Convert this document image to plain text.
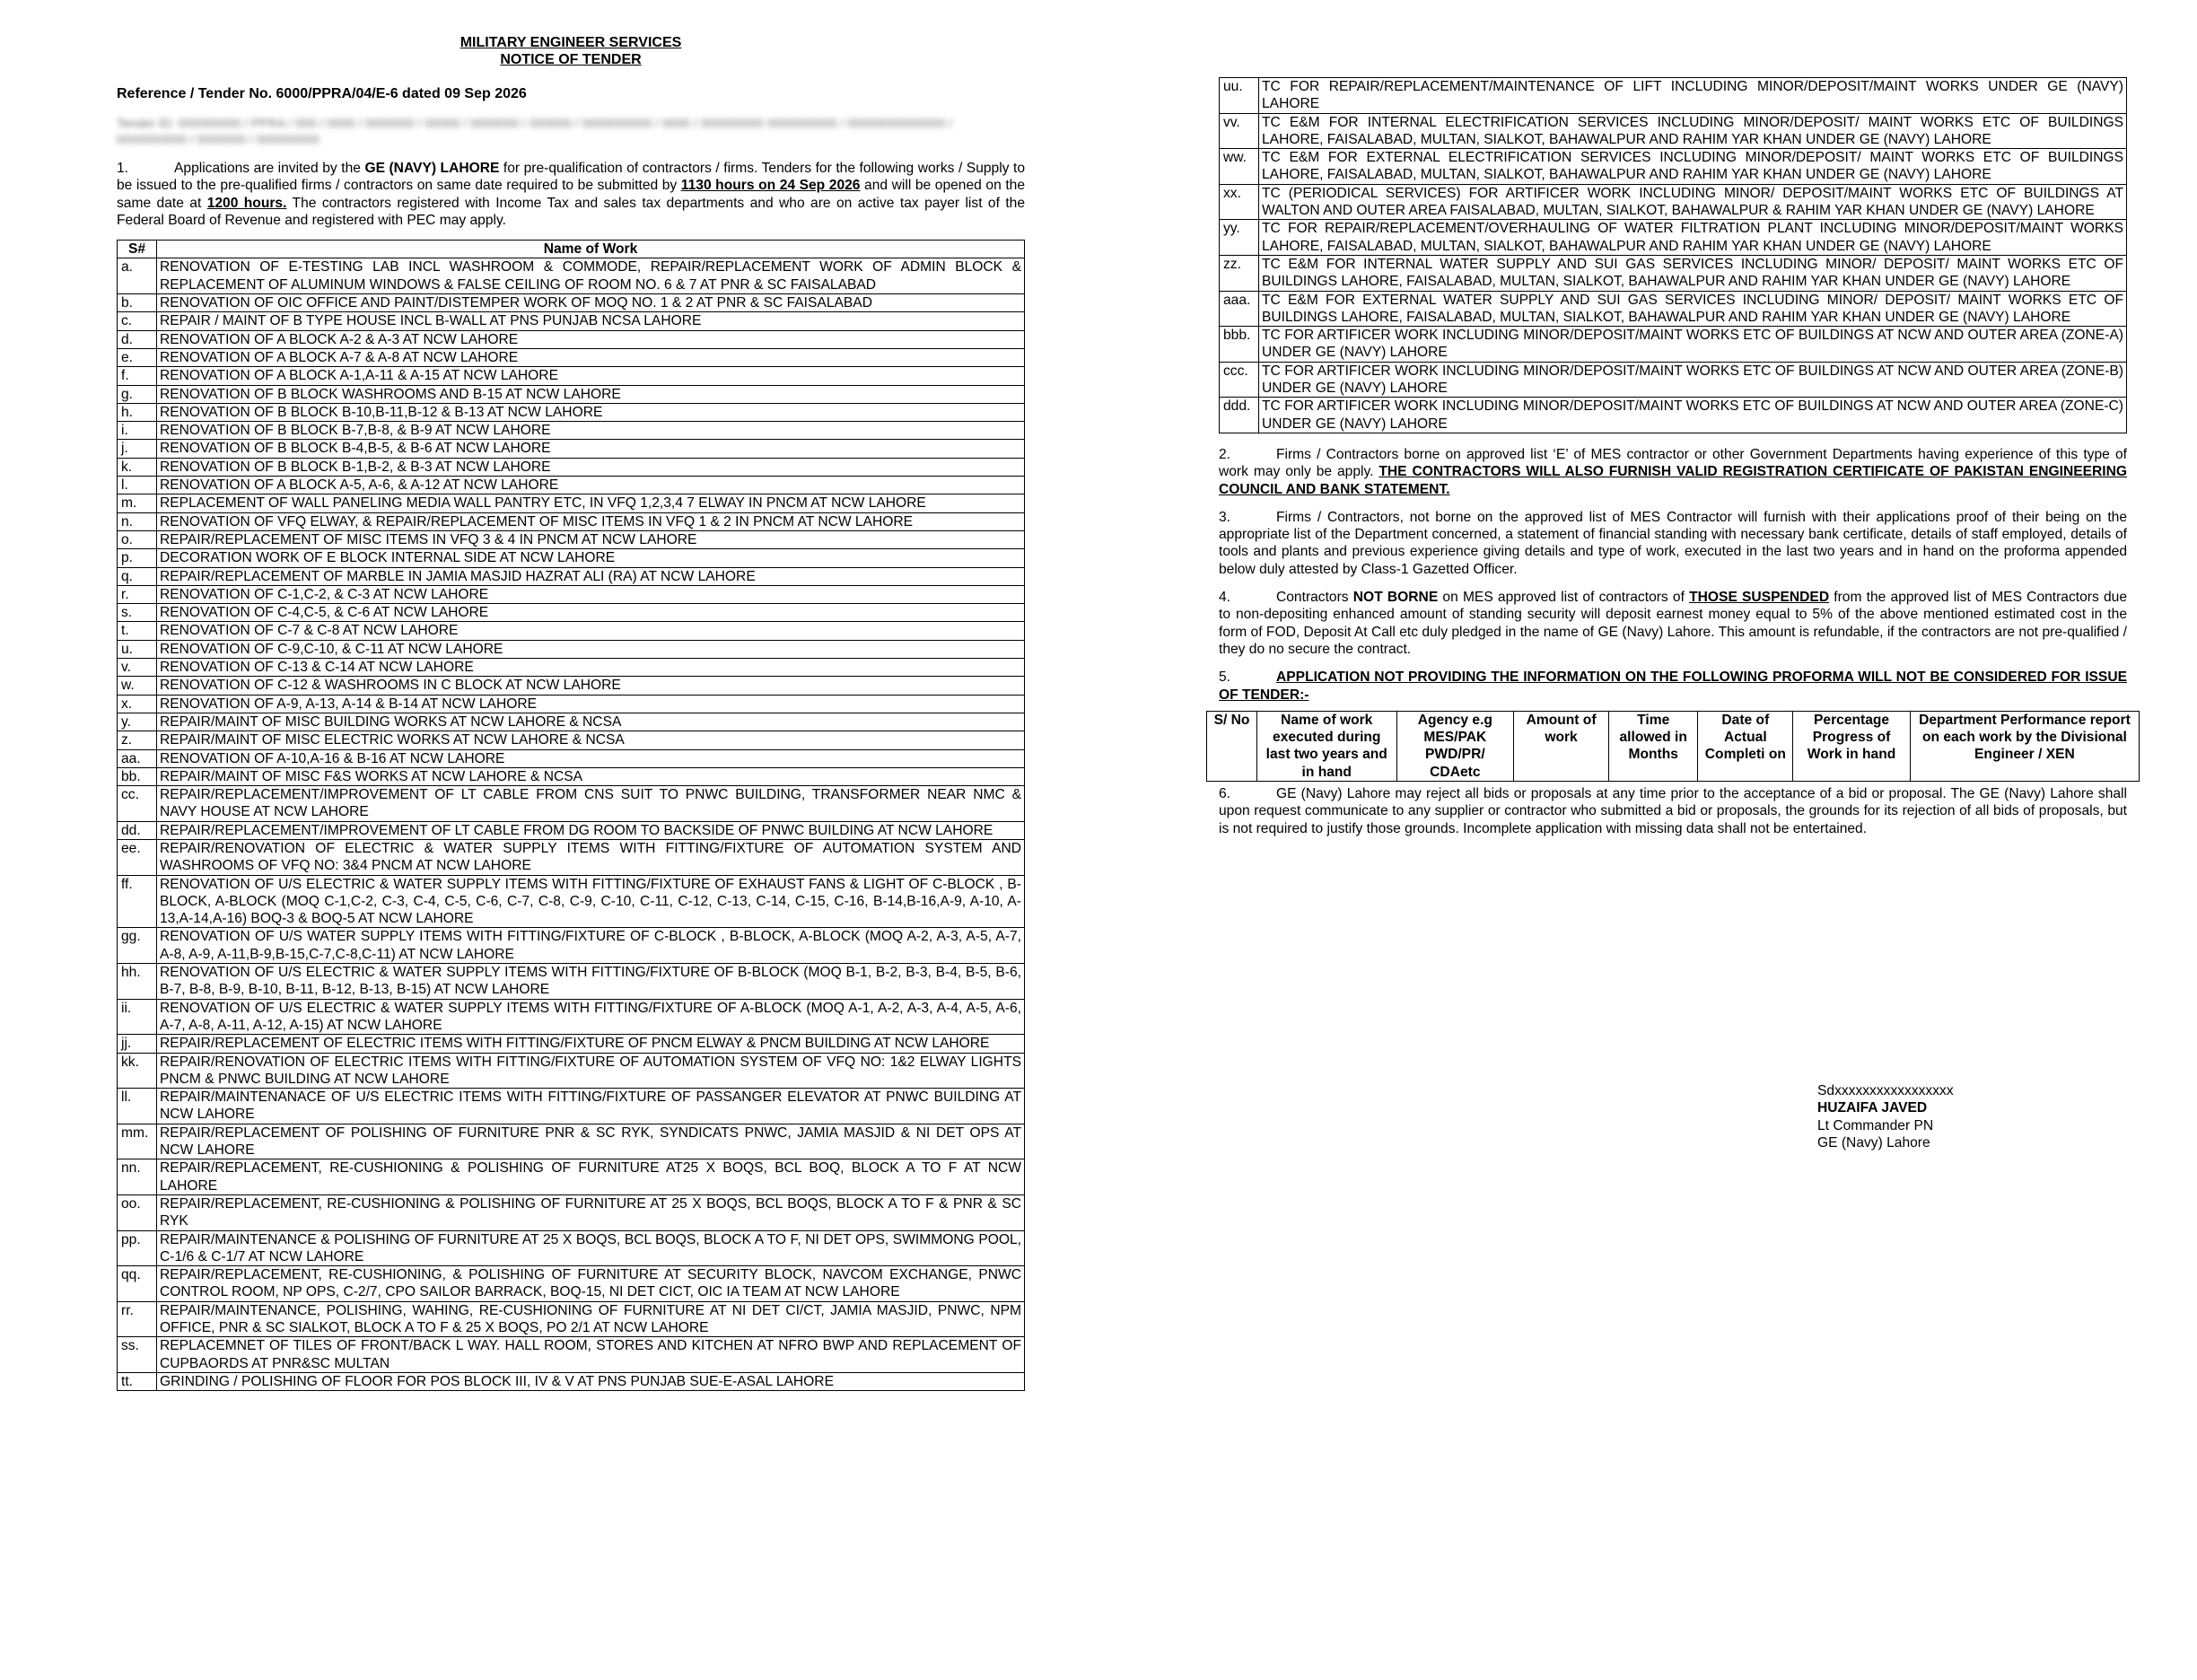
MILITARY ENGINEER SERVICES
NOTICE OF TENDER
Reference / Tender No. 6000/PPRA/04/E-6 dated 09 Sep 2026
Tender ID: 000000000 / PPRA / 000 / 0000 / 0000000 / 00000 / 0000000 / 000000 / 0000000000 / 0000 / 000000000 0000000000 / 00000000000000 / 0000000000 / 0000000 / 000000000
1.	Applications are invited by the GE (NAVY) LAHORE for pre-qualification of contractors / firms. Tenders for the following works / Supply to be issued to the pre-qualified firms / contractors on same date required to be submitted by 1130 hours on 24 Sep 2026 and will be opened on the same date at 1200 hours. The contractors registered with Income Tax and sales tax departments and who are on active tax payer list of the Federal Board of Revenue and registered with PEC may apply.
S#	Name of Work
a.	RENOVATION OF E-TESTING LAB INCL WASHROOM & COMMODE, REPAIR/REPLACEMENT WORK OF ADMIN BLOCK & REPLACEMENT OF ALUMINUM WINDOWS & FALSE CEILING OF ROOM NO. 6 & 7 AT PNR & SC FAISALABAD
b.	RENOVATION OF OIC OFFICE AND PAINT/DISTEMPER WORK OF MOQ NO. 1 & 2 AT PNR & SC FAISALABAD
c.	REPAIR / MAINT OF B TYPE HOUSE INCL B-WALL AT PNS PUNJAB NCSA LAHORE
d.	RENOVATION OF A BLOCK A-2 & A-3 AT NCW LAHORE
e.	RENOVATION OF A BLOCK A-7 & A-8 AT NCW LAHORE
f.	RENOVATION OF A BLOCK A-1,A-11 & A-15 AT NCW LAHORE
g.	RENOVATION OF B BLOCK WASHROOMS AND B-15 AT NCW LAHORE
h.	RENOVATION OF B BLOCK B-10,B-11,B-12 & B-13 AT NCW LAHORE
i.	RENOVATION OF B BLOCK B-7,B-8, & B-9 AT NCW LAHORE
j.	RENOVATION OF B BLOCK B-4,B-5, & B-6 AT NCW LAHORE
k.	RENOVATION OF B BLOCK B-1,B-2, & B-3 AT NCW LAHORE
l.	RENOVATION OF A BLOCK A-5, A-6, & A-12 AT NCW LAHORE
m.	REPLACEMENT OF WALL PANELING MEDIA WALL PANTRY ETC, IN VFQ 1,2,3,4 7 ELWAY IN PNCM AT NCW LAHORE
n.	RENOVATION OF VFQ ELWAY, & REPAIR/REPLACEMENT OF MISC ITEMS IN VFQ 1 & 2 IN PNCM AT NCW LAHORE
o.	REPAIR/REPLACEMENT OF MISC ITEMS IN VFQ 3 & 4 IN PNCM AT NCW LAHORE
p.	DECORATION WORK OF E BLOCK INTERNAL SIDE AT NCW LAHORE
q.	REPAIR/REPLACEMENT OF MARBLE IN JAMIA MASJID HAZRAT ALI (RA) AT NCW LAHORE
r.	RENOVATION OF C-1,C-2, & C-3 AT NCW LAHORE
s.	RENOVATION OF C-4,C-5, & C-6 AT NCW LAHORE
t.	RENOVATION OF C-7 & C-8 AT NCW LAHORE
u.	RENOVATION OF C-9,C-10, & C-11 AT NCW LAHORE
v.	RENOVATION OF C-13 & C-14 AT NCW LAHORE
w.	RENOVATION OF C-12 & WASHROOMS IN C BLOCK AT NCW LAHORE
x.	RENOVATION OF A-9, A-13, A-14 & B-14 AT NCW LAHORE
y.	REPAIR/MAINT OF MISC BUILDING WORKS AT NCW LAHORE & NCSA
z.	REPAIR/MAINT OF MISC ELECTRIC WORKS AT NCW LAHORE & NCSA
aa.	RENOVATION OF A-10,A-16 & B-16 AT NCW LAHORE
bb.	REPAIR/MAINT OF MISC F&S WORKS AT NCW LAHORE & NCSA
cc.	REPAIR/REPLACEMENT/IMPROVEMENT OF LT CABLE FROM CNS SUIT TO PNWC BUILDING, TRANSFORMER NEAR NMC & NAVY HOUSE AT NCW LAHORE
dd.	REPAIR/REPLACEMENT/IMPROVEMENT OF LT CABLE FROM DG ROOM TO BACKSIDE OF PNWC BUILDING AT NCW LAHORE
ee.	REPAIR/RENOVATION OF ELECTRIC & WATER SUPPLY ITEMS WITH FITTING/FIXTURE OF AUTOMATION SYSTEM AND WASHROOMS OF VFQ NO: 3&4 PNCM AT NCW LAHORE
ff.	RENOVATION OF U/S ELECTRIC & WATER SUPPLY ITEMS WITH FITTING/FIXTURE OF EXHAUST FANS & LIGHT OF C-BLOCK , B-BLOCK, A-BLOCK (MOQ C-1,C-2, C-3, C-4, C-5, C-6, C-7, C-8, C-9, C-10, C-11, C-12, C-13, C-14, C-15, C-16, B-14,B-16,A-9, A-10, A-13,A-14,A-16) BOQ-3 & BOQ-5 AT NCW LAHORE
gg.	RENOVATION OF U/S WATER SUPPLY ITEMS WITH FITTING/FIXTURE OF C-BLOCK , B-BLOCK, A-BLOCK (MOQ A-2, A-3, A-5, A-7, A-8, A-9, A-11,B-9,B-15,C-7,C-8,C-11) AT NCW LAHORE
hh.	RENOVATION OF U/S ELECTRIC & WATER SUPPLY ITEMS WITH FITTING/FIXTURE OF B-BLOCK (MOQ B-1, B-2, B-3, B-4, B-5, B-6, B-7, B-8, B-9, B-10, B-11, B-12, B-13, B-15) AT NCW LAHORE
ii.	RENOVATION OF U/S ELECTRIC & WATER SUPPLY ITEMS WITH FITTING/FIXTURE OF A-BLOCK (MOQ A-1, A-2, A-3, A-4, A-5, A-6, A-7, A-8, A-11, A-12, A-15) AT NCW LAHORE
jj.	REPAIR/REPLACEMENT OF ELECTRIC ITEMS WITH FITTING/FIXTURE OF PNCM ELWAY & PNCM BUILDING AT NCW LAHORE
kk.	REPAIR/RENOVATION OF ELECTRIC ITEMS WITH FITTING/FIXTURE OF AUTOMATION SYSTEM OF VFQ NO: 1&2 ELWAY LIGHTS PNCM & PNWC BUILDING AT NCW LAHORE
ll.	REPAIR/MAINTENANACE OF U/S ELECTRIC ITEMS WITH FITTING/FIXTURE OF PASSANGER ELEVATOR AT PNWC BUILDING AT NCW LAHORE
mm.	REPAIR/REPLACEMENT OF POLISHING OF FURNITURE PNR & SC RYK, SYNDICATS PNWC, JAMIA MASJID & NI DET OPS AT NCW LAHORE
nn.	REPAIR/REPLACEMENT, RE-CUSHIONING & POLISHING OF FURNITURE AT25 X BOQS, BCL BOQ, BLOCK A TO F AT NCW LAHORE
oo.	REPAIR/REPLACEMENT, RE-CUSHIONING & POLISHING OF FURNITURE AT 25 X BOQS, BCL BOQS, BLOCK A TO F & PNR & SC RYK
pp.	REPAIR/MAINTENANCE & POLISHING OF FURNITURE AT 25 X BOQS, BCL BOQS, BLOCK A TO F, NI DET OPS, SWIMMONG POOL, C-1/6 & C-1/7 AT NCW LAHORE
qq.	REPAIR/REPLACEMENT, RE-CUSHIONING, & POLISHING OF FURNITURE AT SECURITY BLOCK, NAVCOM EXCHANGE, PNWC CONTROL ROOM, NP OPS, C-2/7, CPO SAILOR BARRACK, BOQ-15, NI DET CICT, OIC IA TEAM AT NCW LAHORE
rr.	REPAIR/MAINTENANCE, POLISHING, WAHING, RE-CUSHIONING OF FURNITURE AT NI DET CI/CT, JAMIA MASJID, PNWC, NPM OFFICE, PNR & SC SIALKOT, BLOCK A TO F & 25 X BOQS, PO 2/1 AT NCW LAHORE
ss.	REPLACEMNET OF TILES OF FRONT/BACK L WAY. HALL ROOM, STORES AND KITCHEN AT NFRO BWP AND REPLACEMENT OF CUPBAORDS AT PNR&SC MULTAN
tt.	GRINDING / POLISHING OF FLOOR FOR POS BLOCK III, IV & V AT PNS PUNJAB SUE-E-ASAL LAHORE
uu.	TC FOR REPAIR/REPLACEMENT/MAINTENANCE OF LIFT INCLUDING MINOR/DEPOSIT/MAINT WORKS UNDER GE (NAVY) LAHORE
vv.	TC E&M FOR INTERNAL ELECTRIFICATION SERVICES INCLUDING MINOR/DEPOSIT/ MAINT WORKS ETC OF BUILDINGS LAHORE, FAISALABAD, MULTAN, SIALKOT, BAHAWALPUR AND RAHIM YAR KHAN UNDER GE (NAVY) LAHORE
ww.	TC E&M FOR EXTERNAL ELECTRIFICATION SERVICES INCLUDING MINOR/DEPOSIT/ MAINT WORKS ETC OF BUILDINGS LAHORE, FAISALABAD, MULTAN, SIALKOT, BAHAWALPUR AND RAHIM YAR KHAN UNDER GE (NAVY) LAHORE
xx.	TC (PERIODICAL SERVICES) FOR ARTIFICER WORK INCLUDING MINOR/ DEPOSIT/MAINT WORKS ETC OF BUILDINGS AT WALTON AND OUTER AREA FAISALABAD, MULTAN, SIALKOT, BAHAWALPUR & RAHIM YAR KHAN UNDER GE (NAVY) LAHORE
yy.	TC FOR REPAIR/REPLACEMENT/OVERHAULING OF WATER FILTRATION PLANT INCLUDING MINOR/DEPOSIT/MAINT WORKS LAHORE, FAISALABAD, MULTAN, SIALKOT, BAHAWALPUR AND RAHIM YAR KHAN UNDER GE (NAVY) LAHORE
zz.	TC E&M FOR INTERNAL WATER SUPPLY AND SUI GAS SERVICES INCLUDING MINOR/ DEPOSIT/ MAINT WORKS ETC OF BUILDINGS LAHORE, FAISALABAD, MULTAN, SIALKOT, BAHAWALPUR AND RAHIM YAR KHAN UNDER GE (NAVY) LAHORE
aaa.	TC E&M FOR EXTERNAL WATER SUPPLY AND SUI GAS SERVICES INCLUDING MINOR/ DEPOSIT/ MAINT WORKS ETC OF BUILDINGS LAHORE, FAISALABAD, MULTAN, SIALKOT, BAHAWALPUR AND RAHIM YAR KHAN UNDER GE (NAVY) LAHORE
bbb.	TC FOR ARTIFICER WORK INCLUDING MINOR/DEPOSIT/MAINT WORKS ETC OF BUILDINGS AT NCW AND OUTER AREA (ZONE-A) UNDER GE (NAVY) LAHORE
ccc.	TC FOR ARTIFICER WORK INCLUDING MINOR/DEPOSIT/MAINT WORKS ETC OF BUILDINGS AT NCW AND OUTER AREA (ZONE-B) UNDER GE (NAVY) LAHORE
ddd.	TC FOR ARTIFICER WORK INCLUDING MINOR/DEPOSIT/MAINT WORKS ETC OF BUILDINGS AT NCW AND OUTER AREA (ZONE-C) UNDER GE (NAVY) LAHORE
2.	Firms / Contractors borne on approved list ‘E’ of MES contractor or other Government Departments having experience of this type of work may only be apply. THE CONTRACTORS WILL ALSO FURNISH VALID REGISTRATION CERTIFICATE OF PAKISTAN ENGINEERING COUNCIL AND BANK STATEMENT.
3.	Firms / Contractors, not borne on the approved list of MES Contractor will furnish with their applications proof of their being on the appropriate list of the Department concerned, a statement of financial standing with necessary bank certificate, details of staff employed, details of tools and plants and previous experience giving details and type of work, executed in the last two years and in hand on the proforma appended below duly attested by Class-1 Gazetted Officer.
4.	Contractors NOT BORNE on MES approved list of contractors of THOSE SUSPENDED from the approved list of MES Contractors due to non-depositing enhanced amount of standing security will deposit earnest money equal to 5% of the above mentioned estimated cost in the form of FOD, Deposit At Call etc duly pledged in the name of GE (Navy) Lahore. This amount is refundable, if the contractors are not pre-qualified / they do no secure the contract.
5.	APPLICATION NOT PROVIDING THE INFORMATION ON THE FOLLOWING PROFORMA WILL NOT BE CONSIDERED FOR ISSUE OF TENDER:-
S/ No	Name of work executed during last two years and in hand	Agency e.g MES/PAK PWD/PR/ CDAetc	Amount of work	Time allowed in Months	Date of Actual Completi on	Percentage Progress of Work in hand	Department Performance report on each work by the Divisional Engineer / XEN
6.	GE (Navy) Lahore may reject all bids or proposals at any time prior to the acceptance of a bid or proposal. The GE (Navy) Lahore shall upon request communicate to any supplier or contractor who submitted a bid or proposals, the grounds for its rejection of all bids of proposals, but is not required to justify those grounds. Incomplete application with missing data shall not be entertained.
Sdxxxxxxxxxxxxxxxxx
HUZAIFA JAVED
Lt Commander PN
GE (Navy) Lahore
